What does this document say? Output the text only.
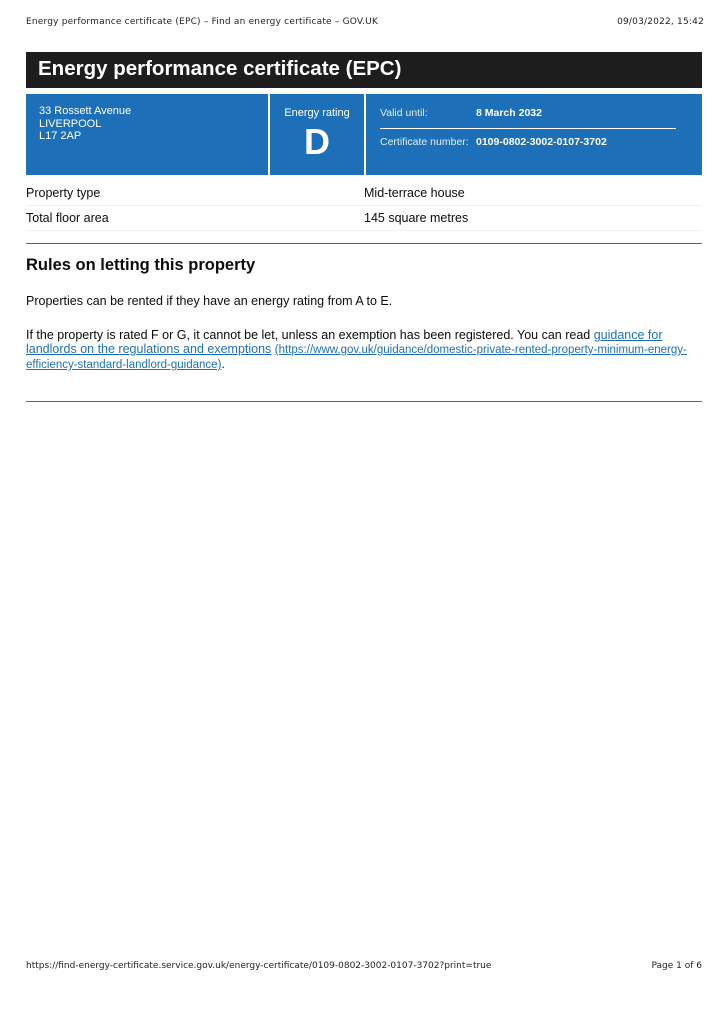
Energy performance certificate (EPC) – Find an energy certificate – GOV.UK	09/03/2022, 15:42
Energy performance certificate (EPC)
33 Rossett Avenue
LIVERPOOL
L17 2AP
Energy rating
D
Valid until:	8 March 2032
Certificate number: 0109-0802-3002-0107-3702
Property type	Mid-terrace house
Total floor area	145 square metres
Rules on letting this property

Properties can be rented if they have an energy rating from A to E.

If the property is rated F or G, it cannot be let, unless an exemption has been registered. You can read guidance for landlords on the regulations and exemptions (https://www.gov.uk/guidance/domestic-private-rented-property-minimum-energy-efficiency-standard-landlord-guidance).

https://find-energy-certificate.service.gov.uk/energy-certificate/0109-0802-3002-0107-3702?print=true	Page 1 of 6
